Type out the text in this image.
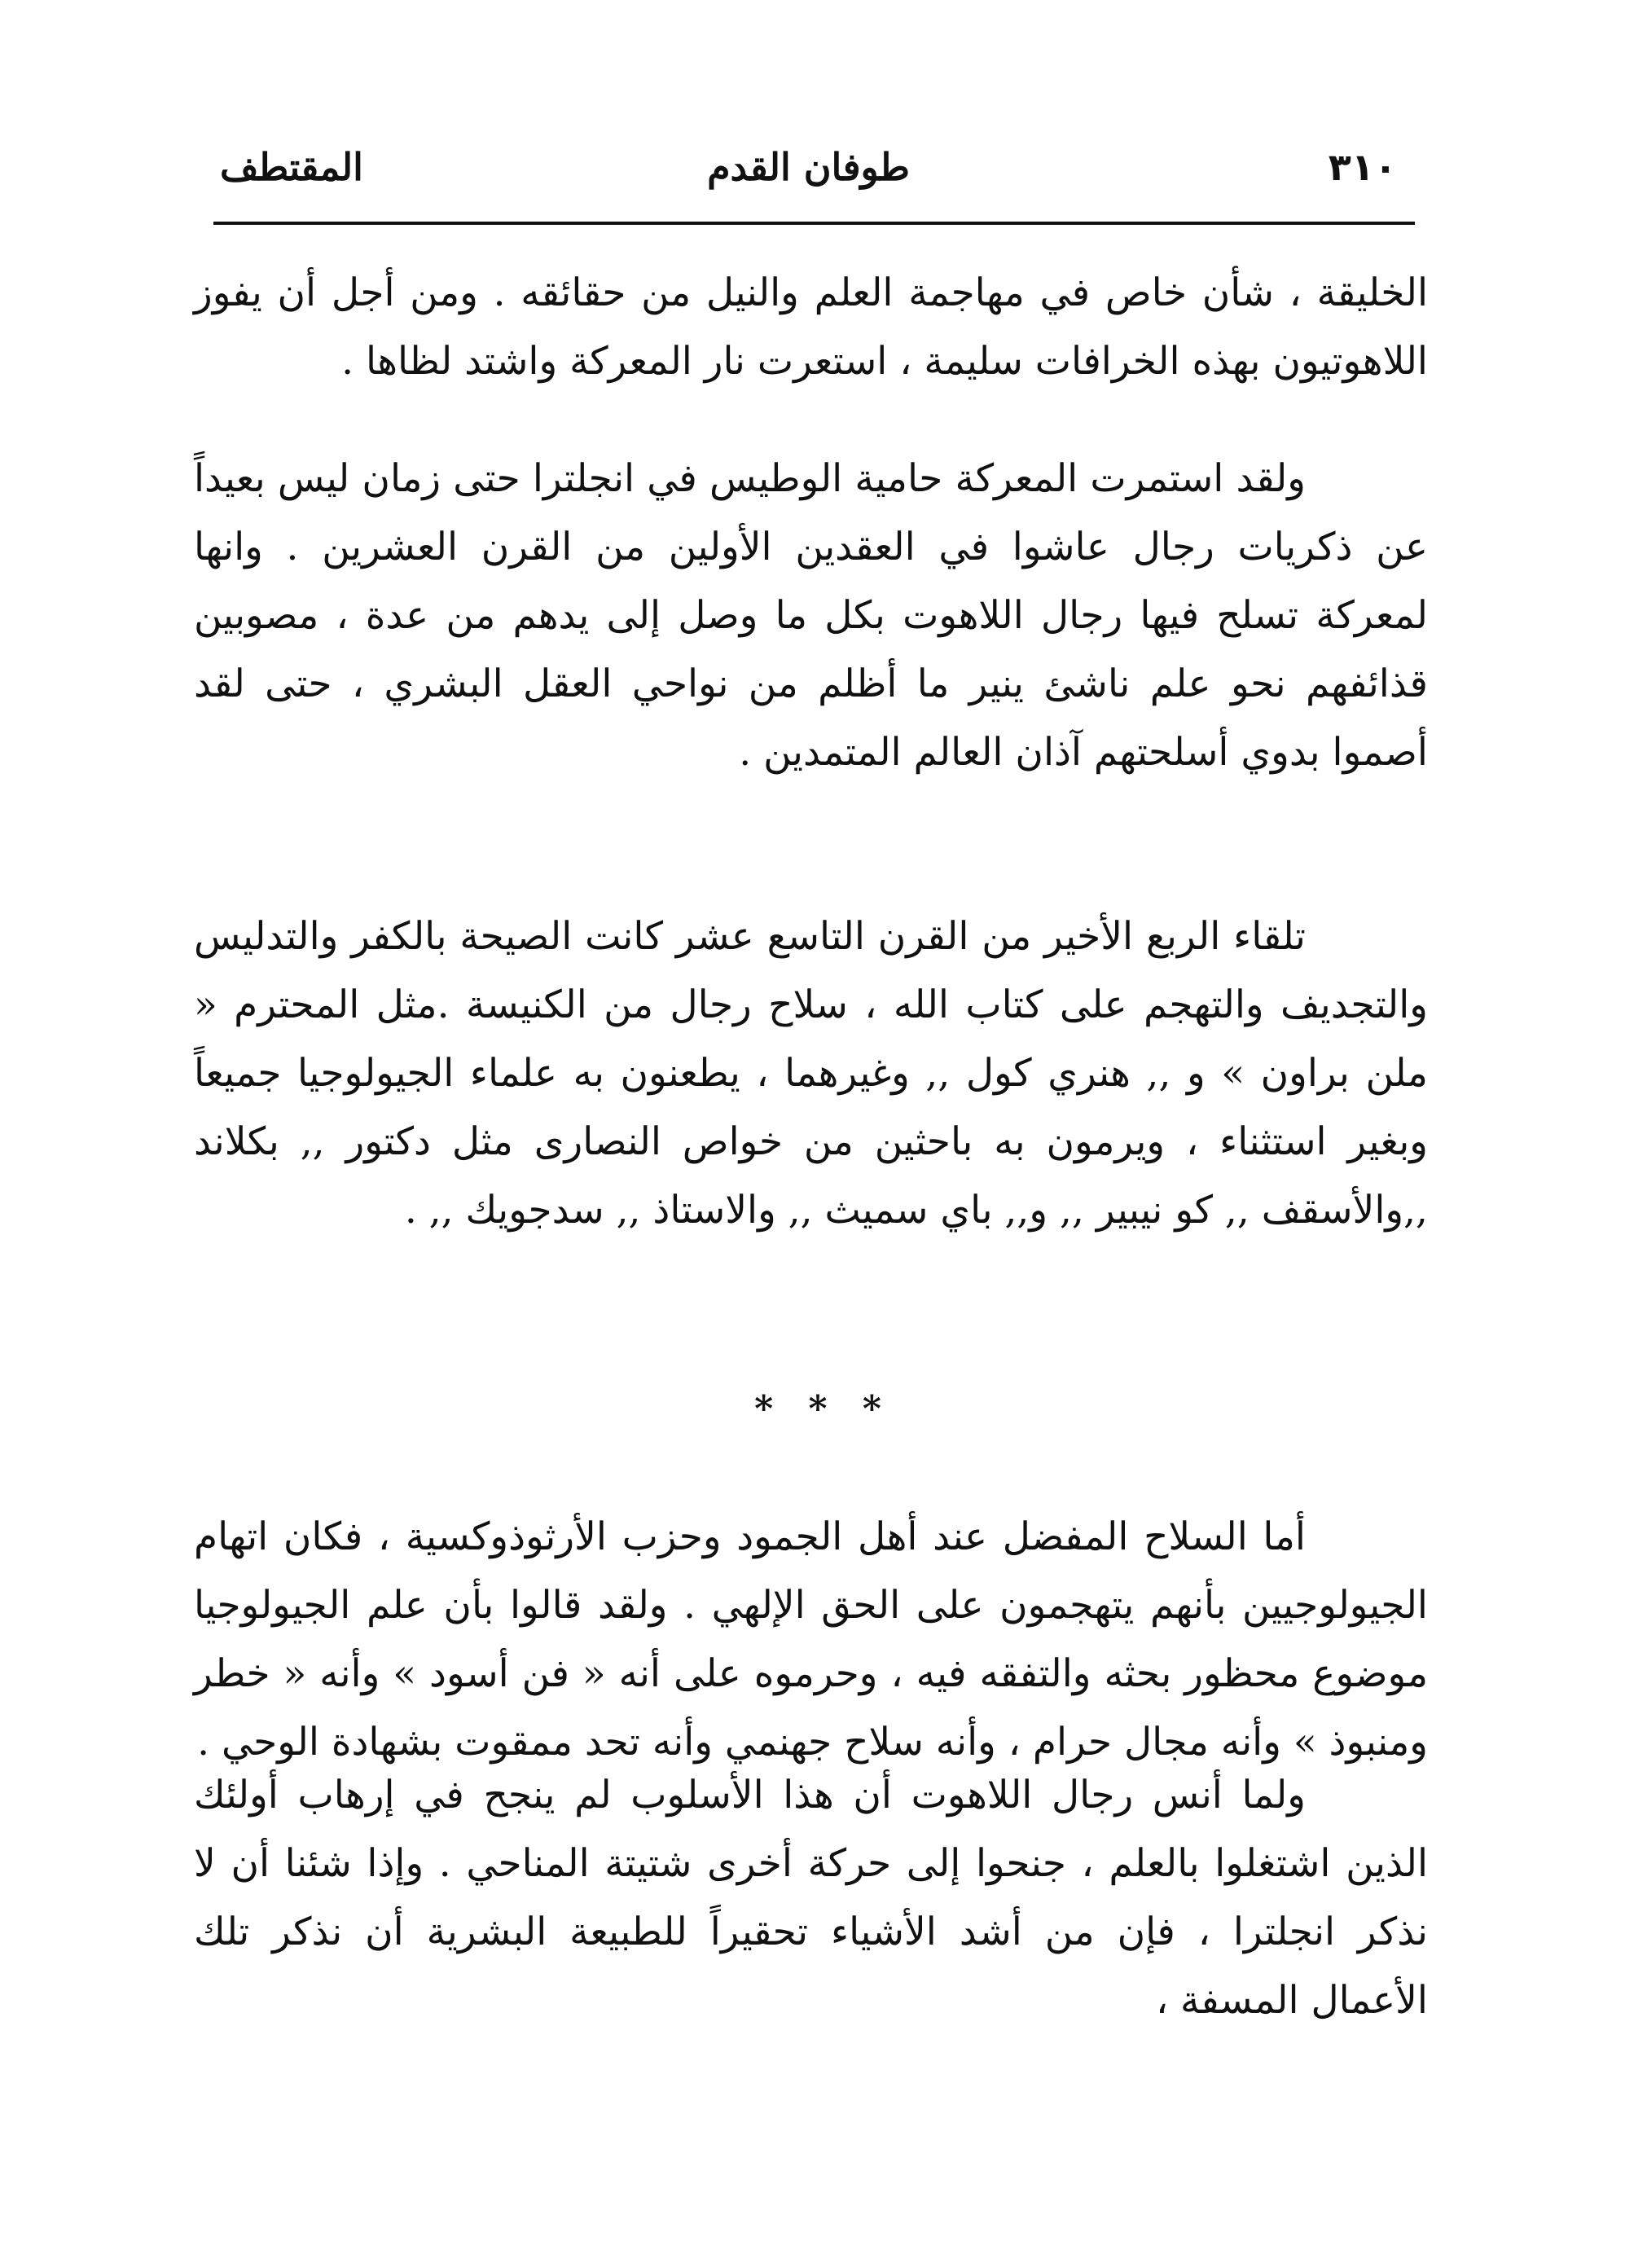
٣١٠
طوفان القدم
المقتطف

الخليقة ، شأن خاص في مهاجمة العلم والنيل من حقائقه . ومن أجل أن يفوز اللاهوتيون بهذه الخرافات سليمة ، استعرت نار المعركة واشتد لظاها .

ولقد استمرت المعركة حامية الوطيس في انجلترا حتى زمان ليس بعيداً عن ذكريات رجال عاشوا في العقدين الأولين من القرن العشرين . وانها لمعركة تسلح فيها رجال اللاهوت بكل ما وصل إلى يدهم من عدة ، مصوبين قذائفهم نحو علم ناشئ ينير ما أظلم من نواحي العقل البشري ، حتى لقد أصموا بدوي أسلحتهم آذان العالم المتمدين .

تلقاء الربع الأخير من القرن التاسع عشر كانت الصيحة بالكفر والتدليس والتجديف والتهجم على كتاب الله ، سلاح رجال من الكنيسة .مثل المحترم « ملن براون » و ,, هنري كول ,, وغيرهما ، يطعنون به علماء الجيولوجيا جميعاً وبغير استثناء ، ويرمون به باحثين من خواص النصارى مثل دكتور ,, بكلاند ,,والأسقف ,, كو نيبير ,, و,, باي سميث ,, والاستاذ ,, سدجويك ,, .

* * *

أما السلاح المفضل عند أهل الجمود وحزب الأرثوذوكسية ، فكان اتهام الجيولوجيين بأنهم يتهجمون على الحق الإلهي . ولقد قالوا بأن علم الجيولوجيا موضوع محظور بحثه والتفقه فيه ، وحرموه على أنه « فن أسود » وأنه « خطر ومنبوذ » وأنه مجال حرام ، وأنه سلاح جهنمي وأنه تحد ممقوت بشهادة الوحي .

ولما أنس رجال اللاهوت أن هذا الأسلوب لم ينجح في إرهاب أولئك الذين اشتغلوا بالعلم ، جنحوا إلى حركة أخرى شتيتة المناحي . وإذا شئنا أن لا نذكر انجلترا ، فإن من أشد الأشياء تحقيراً للطبيعة البشرية أن نذكر تلك الأعمال المسفة ،
